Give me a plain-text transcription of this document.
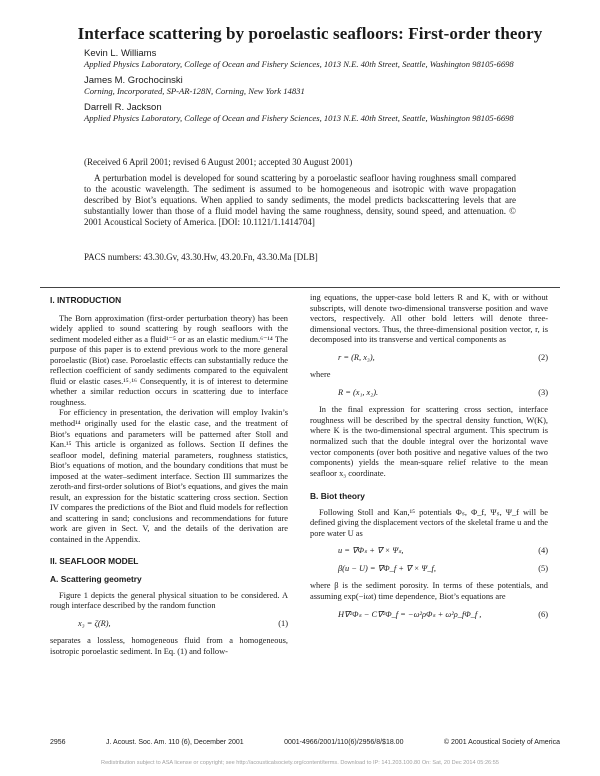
Interface scattering by poroelastic seafloors: First-order theory
Kevin L. Williams
Applied Physics Laboratory, College of Ocean and Fishery Sciences, 1013 N.E. 40th Street, Seattle, Washington 98105-6698
James M. Grochocinski
Corning, Incorporated, SP-AR-128N, Corning, New York 14831
Darrell R. Jackson
Applied Physics Laboratory, College of Ocean and Fishery Sciences, 1013 N.E. 40th Street, Seattle, Washington 98105-6698
(Received 6 April 2001; revised 6 August 2001; accepted 30 August 2001)
A perturbation model is developed for sound scattering by a poroelastic seafloor having roughness small compared to the acoustic wavelength. The sediment is assumed to be homogeneous and isotropic with wave propagation described by Biot’s equations. When applied to sandy sediments, the model predicts backscattering levels that are substantially lower than those of a fluid model having the same roughness, density, sound speed, and attenuation. © 2001 Acoustical Society of America. [DOI: 10.1121/1.1414704]
PACS numbers: 43.30.Gv, 43.30.Hw, 43.20.Fn, 43.30.Ma [DLB]
I. INTRODUCTION

The Born approximation (first-order perturbation theory) has been widely applied to sound scattering by rough seafloors with the sediment modeled either as a fluid¹⁻⁵ or as an elastic medium.⁶⁻¹⁴ The purpose of this paper is to extend previous work to the more general poroelastic (Biot) case. Poroelastic effects can substantially reduce the reflection coefficient of sandy sediments compared to the equivalent fluid or elastic cases.¹⁵˒¹⁶ Consequently, it is of interest to determine whether a similar reduction occurs in scattering due to interface roughness.

For efficiency in presentation, the derivation will employ Ivakin’s method¹⁴ originally used for the elastic case, and the treatment of Biot’s equations and parameters will be patterned after Stoll and Kan.¹⁵ This article is organized as follows. Section II defines the seafloor model, defining material parameters, roughness statistics, Biot’s equations of motion, and the boundary conditions that must be imposed at the water–sediment interface. Section III summarizes the zeroth-and first-order solutions of Biot’s equations, and gives the main result, an expression for the bistatic scattering cross section. Section IV compares the predictions of the Biot and fluid models for reflection and scattering in sand; conclusions and recommendations for future work are given in Sect. V, and the details of the derivation are contained in the Appendix.

II. SEAFLOOR MODEL
A. Scattering geometry

Figure 1 depicts the general physical situation to be considered. A rough interface described by the random function

x₃ = ζ(R),	(1)

separates a lossless, homogeneous fluid from a homogeneous, isotropic poroelastic sediment. In Eq. (1) and follow-

ing equations, the upper-case bold letters R and K, with or without subscripts, will denote two-dimensional transverse position and wave vectors, respectively. All other bold letters will denote three-dimensional vectors. Thus, the three-dimensional position vector, r, is decomposed into its transverse and vertical components as

r = (R, x₃),	(2)

where

R = (x₁, x₂).	(3)

In the final expression for scattering cross section, interface roughness will be described by the spectral density function, W(K), where K is the two-dimensional spectral argument. This spectrum is normalized such that the double integral over the horizontal wave vector components (over both positive and negative values of the two components) yields the mean-square relief relative to the mean seafloor x₃ coordinate.

B. Biot theory

Following Stoll and Kan,¹⁵ potentials Φₛ, Φ_f, Ψₛ, Ψ_f will be defined giving the displacement vectors of the skeletal frame u and the pore water U as

u = ∇Φₛ + ∇ × Ψₛ,	(4)
β(u − U) = ∇Φ_f + ∇ × Ψ_f,	(5)

where β is the sediment porosity. In terms of these potentials, and assuming exp(−iωt) time dependence, Biot’s equations are

H∇²Φₛ − C∇²Φ_f = −ω²ρΦₛ + ω²ρ_fΦ_f ,	(6)
2956	J. Acoust. Soc. Am. 110 (6), December 2001	0001-4966/2001/110(6)/2956/8/$18.00	© 2001 Acoustical Society of America
Redistribution subject to ASA license or copyright; see http://acousticalsociety.org/content/terms. Download to IP: 141.203.100.80 On: Sat, 20 Dec 2014 05:26:55
